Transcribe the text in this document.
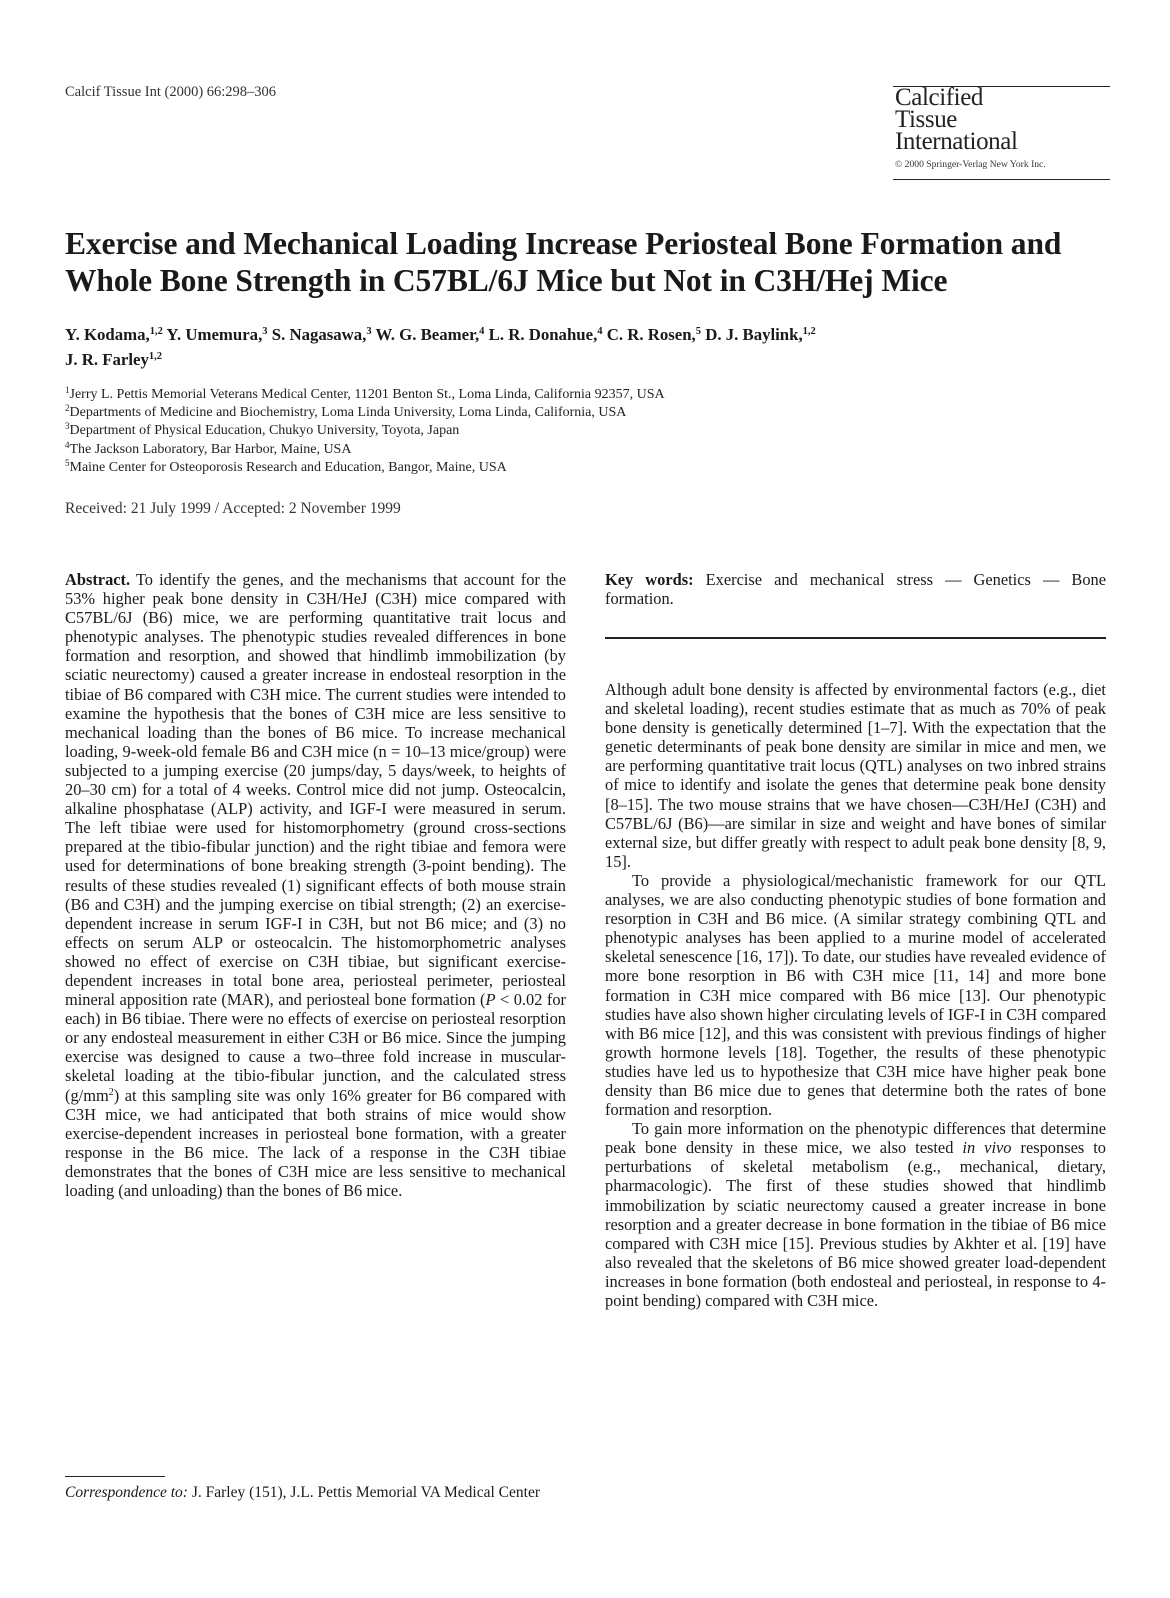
Calcif Tissue Int (2000) 66:298–306	Calcified
Tissue
International
© 2000 Springer-Verlag New York Inc.
Exercise and Mechanical Loading Increase Periosteal Bone Formation and Whole Bone Strength in C57BL/6J Mice but Not in C3H/Hej Mice
Y. Kodama,$^{1,2}$ Y. Umemura,$^3$ S. Nagasawa,$^3$ W. G. Beamer,$^4$ L. R. Donahue,$^4$ C. R. Rosen,$^5$ D. J. Baylink,$^{1,2}$
J. R. Farley$^{1,2}$
$^1$Jerry L. Pettis Memorial Veterans Medical Center, 11201 Benton St., Loma Linda, California 92357, USA
$^2$Departments of Medicine and Biochemistry, Loma Linda University, Loma Linda, California, USA
$^3$Department of Physical Education, Chukyo University, Toyota, Japan
$^4$The Jackson Laboratory, Bar Harbor, Maine, USA
$^5$Maine Center for Osteoporosis Research and Education, Bangor, Maine, USA
Received: 21 July 1999 / Accepted: 2 November 1999
Abstract. To identify the genes, and the mechanisms that account for the 53% higher peak bone density in C3H/HeJ (C3H) mice compared with C57BL/6J (B6) mice, we are performing quantitative trait locus and phenotypic analyses. The phenotypic studies revealed differences in bone formation and resorption, and showed that hindlimb immobilization (by sciatic neurectomy) caused a greater increase in endosteal resorption in the tibiae of B6 compared with C3H mice. The current studies were intended to examine the hypothesis that the bones of C3H mice are less sensitive to mechanical loading than the bones of B6 mice. To increase mechanical loading, 9-week-old female B6 and C3H mice (n = 10–13 mice/group) were subjected to a jumping exercise (20 jumps/day, 5 days/week, to heights of 20–30 cm) for a total of 4 weeks. Control mice did not jump. Osteocalcin, alkaline phosphatase (ALP) activity, and IGF-I were measured in serum. The left tibiae were used for histomorphometry (ground cross-sections prepared at the tibio-fibular junction) and the right tibiae and femora were used for determinations of bone breaking strength (3-point bending). The results of these studies revealed (1) significant effects of both mouse strain (B6 and C3H) and the jumping exercise on tibial strength; (2) an exercise-dependent increase in serum IGF-I in C3H, but not B6 mice; and (3) no effects on serum ALP or osteocalcin. The histomorphometric analyses showed no effect of exercise on C3H tibiae, but significant exercise-dependent increases in total bone area, periosteal perimeter, periosteal mineral apposition rate (MAR), and periosteal bone formation (P < 0.02 for each) in B6 tibiae. There were no effects of exercise on periosteal resorption or any endosteal measurement in either C3H or B6 mice. Since the jumping exercise was designed to cause a two–three fold increase in muscular-skeletal loading at the tibio-fibular junction, and the calculated stress $(g/mm^2)$ at this sampling site was only 16% greater for B6 compared with C3H mice, we had anticipated that both strains of mice would show exercise-dependent increases in periosteal bone formation, with a greater response in the B6 mice. The lack of a response in the C3H tibiae demonstrates that the bones of C3H mice are less sensitive to mechanical loading (and unloading) than the bones of B6 mice.
Correspondence to: J. Farley (151), J.L. Pettis Memorial VA Medical Center
Key words: Exercise and mechanical stress — Genetics — Bone formation.

Although adult bone density is affected by environmental factors (e.g., diet and skeletal loading), recent studies estimate that as much as 70% of peak bone density is genetically determined [1–7]. With the expectation that the genetic determinants of peak bone density are similar in mice and men, we are performing quantitative trait locus (QTL) analyses on two inbred strains of mice to identify and isolate the genes that determine peak bone density [8–15]. The two mouse strains that we have chosen—C3H/HeJ (C3H) and C57BL/6J (B6)—are similar in size and weight and have bones of similar external size, but differ greatly with respect to adult peak bone density [8, 9, 15].

To provide a physiological/mechanistic framework for our QTL analyses, we are also conducting phenotypic studies of bone formation and resorption in C3H and B6 mice. (A similar strategy combining QTL and phenotypic analyses has been applied to a murine model of accelerated skeletal senescence [16, 17]). To date, our studies have revealed evidence of more bone resorption in B6 with C3H mice [11, 14] and more bone formation in C3H mice compared with B6 mice [13]. Our phenotypic studies have also shown higher circulating levels of IGF-I in C3H compared with B6 mice [12], and this was consistent with previous findings of higher growth hormone levels [18]. Together, the results of these phenotypic studies have led us to hypothesize that C3H mice have higher peak bone density than B6 mice due to genes that determine both the rates of bone formation and resorption.

To gain more information on the phenotypic differences that determine peak bone density in these mice, we also tested in vivo responses to perturbations of skeletal metabolism (e.g., mechanical, dietary, pharmacologic). The first of these studies showed that hindlimb immobilization by sciatic neurectomy caused a greater increase in bone resorption and a greater decrease in bone formation in the tibiae of B6 mice compared with C3H mice [15]. Previous studies by Akhter et al. [19] have also revealed that the skeletons of B6 mice showed greater load-dependent increases in bone formation (both endosteal and periosteal, in response to 4-point bending) compared with C3H mice.
